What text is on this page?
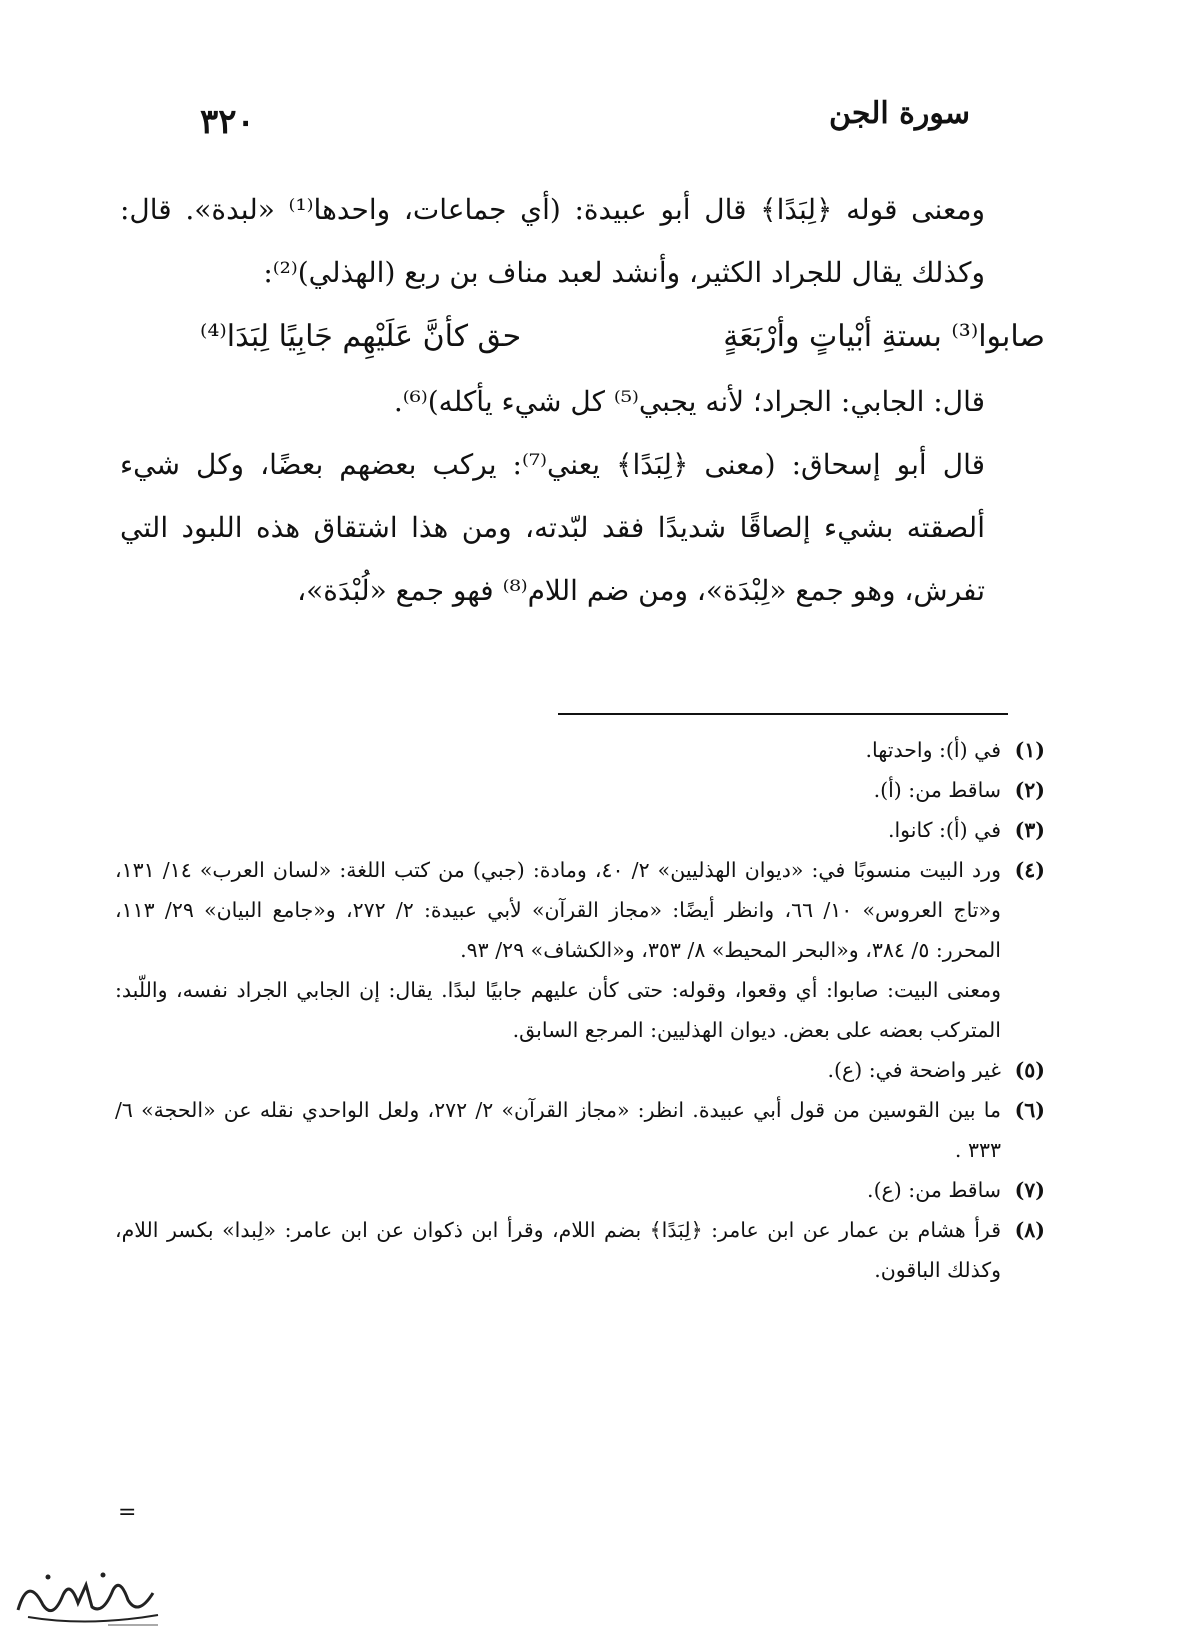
٣٢٠	سورة الجن

ومعنى قوله ﴿لِبَدًا﴾ قال أبو عبيدة: (أي جماعات، واحدها⁽¹⁾ «لبدة». قال: وكذلك يقال للجراد الكثير، وأنشد لعبد مناف بن ربع (الهذلي)⁽²⁾:

صابوا⁽³⁾ بستةِ أبْياتٍ وأرْبَعَةٍ
حق كأنَّ عَلَيْهِم جَابِيًا لِبَدَا⁽⁴⁾

قال: الجابي: الجراد؛ لأنه يجبي⁽⁵⁾ كل شيء يأكله)⁽⁶⁾.

قال أبو إسحاق: (معنى ﴿لِبَدًا﴾ يعني⁽⁷⁾: يركب بعضهم بعضًا، وكل شيء ألصقته بشيء إلصاقًا شديدًا فقد لبّدته، ومن هذا اشتقاق هذه اللبود التي تفرش، وهو جمع «لِبْدَة»، ومن ضم اللام⁽⁸⁾ فهو جمع «لُبْدَة»،

(١)
في (أ): واحدتها.
(٢)
ساقط من: (أ).
(٣)
في (أ): كانوا.
(٤)
ورد البيت منسوبًا في: «ديوان الهذليين» ٢/ ٤٠، ومادة: (جبي) من كتب اللغة: «لسان العرب» ١٤/ ١٣١، و«تاج العروس» ١٠/ ٦٦، وانظر أيضًا: «مجاز القرآن» لأبي عبيدة: ٢/ ٢٧٢، و«جامع البيان» ٢٩/ ١١٣، المحرر: ٥/ ٣٨٤، و«البحر المحيط» ٨/ ٣٥٣، و«الكشاف» ٢٩/ ٩٣.
ومعنى البيت: صابوا: أي وقعوا، وقوله: حتى كأن عليهم جابيًا لبدًا. يقال: إن الجابي الجراد نفسه، واللّبد: المتركب بعضه على بعض. ديوان الهذليين: المرجع السابق.
(٥)
غير واضحة في: (ع).
(٦)
ما بين القوسين من قول أبي عبيدة. انظر: «مجاز القرآن» ٢/ ٢٧٢، ولعل الواحدي نقله عن «الحجة» ٦/ ٣٣٣ .
(٧)
ساقط من: (ع).
(٨)
قرأ هشام بن عمار عن ابن عامر: ﴿لِبَدًا﴾ بضم اللام، وقرأ ابن ذكوان عن ابن عامر: «لِبدا» بكسر اللام، وكذلك الباقون.
=
